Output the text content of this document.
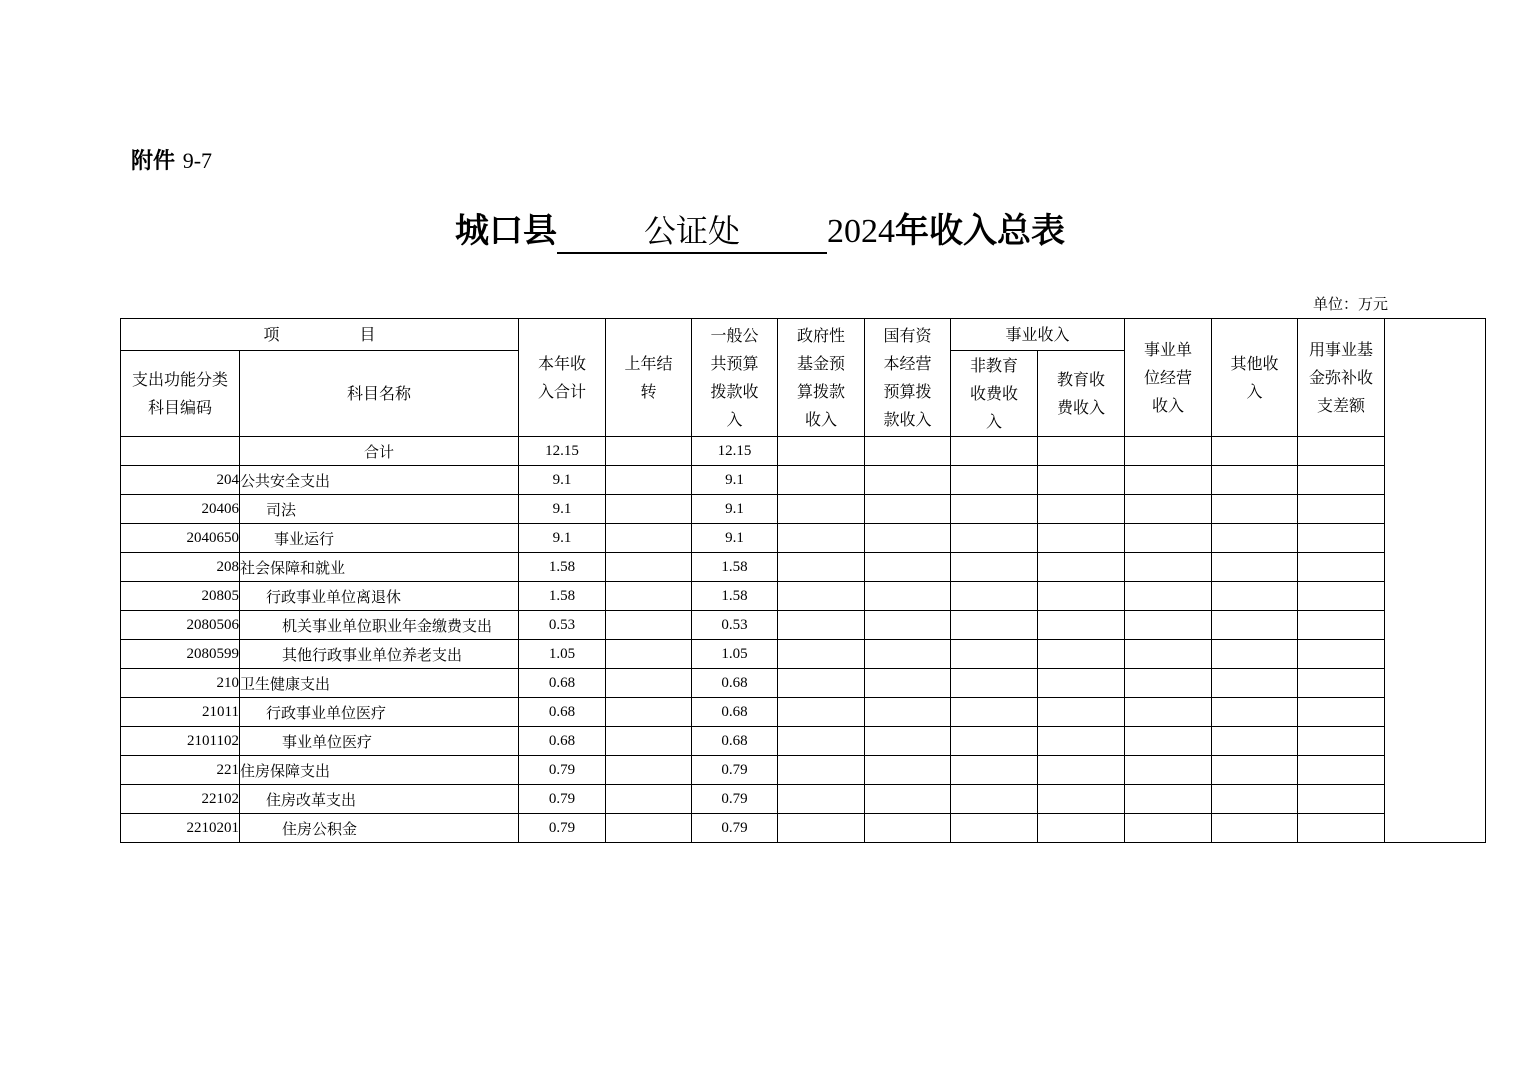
附件 9-7
城口县	公证处	2024年收入总表
单位：万元
项　　　　　目		本年收入合计	上年结转	一般公共预算拨款收入	政府性基金预算拨款收入	国有资本经营预算拨款收入	事业收入		事业单位经营收入	其他收入	用事业基金弥补收支差额

支出功能分类科目编码	科目名称						非教育收费收入	教育收费收入			

	合计	12.15		12.15							
204	公共安全支出	9.1		9.1							
20406	司法	9.1		9.1							
2040650	事业运行	9.1		9.1							
208	社会保障和就业	1.58		1.58							
20805	行政事业单位离退休	1.58		1.58							
2080506	机关事业单位职业年金缴费支出	0.53		0.53							
2080599	其他行政事业单位养老支出	1.05		1.05							
210	卫生健康支出	0.68		0.68							
21011	行政事业单位医疗	0.68		0.68							
2101102	事业单位医疗	0.68		0.68							
221	住房保障支出	0.79		0.79							
22102	住房改革支出	0.79		0.79							
2210201	住房公积金	0.79		0.79							
